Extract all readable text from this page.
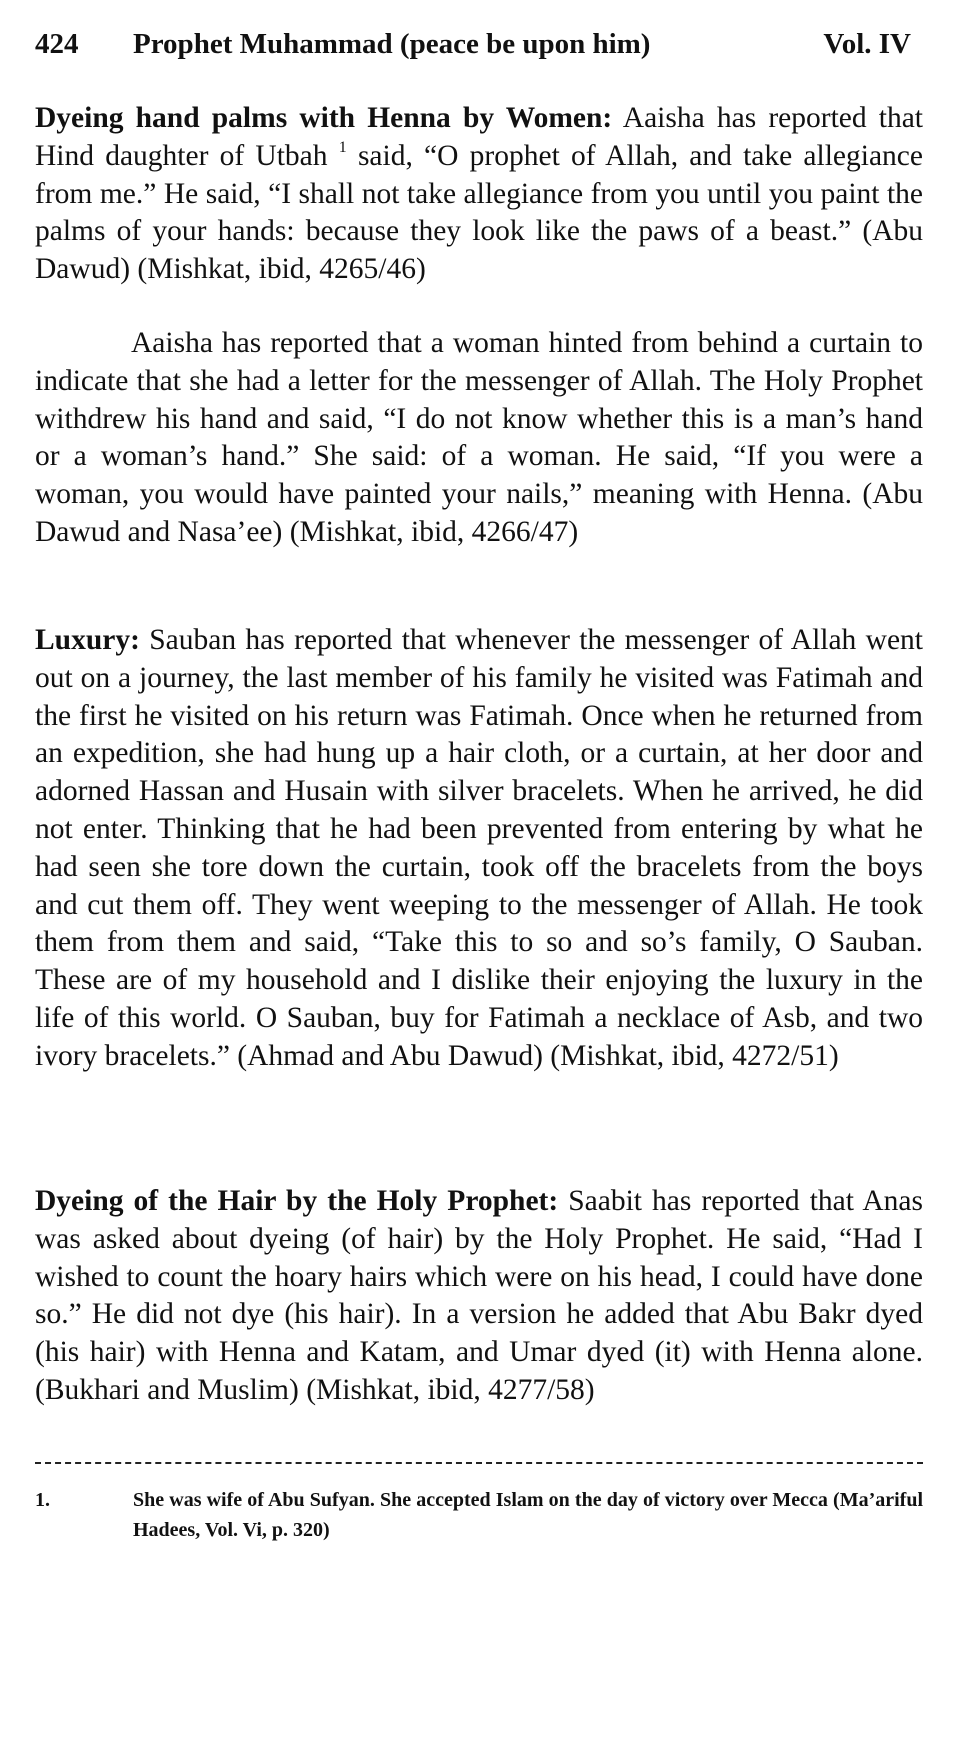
424 Prophet Muhammad (peace be upon him)	Vol. IV

Dyeing hand palms with Henna by Women: Aaisha has reported that Hind daughter of Utbah $^1$ said, “O prophet of Allah, and take allegiance from me.” He said, “I shall not take allegiance from you until you paint the palms of your hands: because they look like the paws of a beast.” (Abu Dawud) (Mishkat, ibid, 4265/46)

Aaisha has reported that a woman hinted from behind a curtain to indicate that she had a letter for the messenger of Allah. The Holy Prophet withdrew his hand and said, “I do not know whether this is a man’s hand or a woman’s hand.” She said: of a woman. He said, “If you were a woman, you would have painted your nails,” meaning with Henna. (Abu Dawud and Nasa’ee) (Mishkat, ibid, 4266/47)

Luxury: Sauban has reported that whenever the messenger of Allah went out on a journey, the last member of his family he visited was Fatimah and the first he visited on his return was Fatimah. Once when he returned from an expedition, she had hung up a hair cloth, or a curtain, at her door and adorned Hassan and Husain with silver bracelets. When he arrived, he did not enter. Thinking that he had been prevented from entering by what he had seen she tore down the curtain, took off the bracelets from the boys and cut them off. They went weeping to the messenger of Allah. He took them from them and said, “Take this to so and so’s family, O Sauban. These are of my household and I dislike their enjoying the luxury in the life of this world. O Sauban, buy for Fatimah a necklace of Asb, and two ivory bracelets.” (Ahmad and Abu Dawud) (Mishkat, ibid, 4272/51)

Dyeing of the Hair by the Holy Prophet: Saabit has reported that Anas was asked about dyeing (of hair) by the Holy Prophet. He said, “Had I wished to count the hoary hairs which were on his head, I could have done so.” He did not dye (his hair). In a version he added that Abu Bakr dyed (his hair) with Henna and Katam, and Umar dyed (it) with Henna alone. (Bukhari and Muslim) (Mishkat, ibid, 4277/58)

1.	She was wife of Abu Sufyan. She accepted Islam on the day of victory over Mecca (Ma’ariful Hadees, Vol. Vi, p. 320)
